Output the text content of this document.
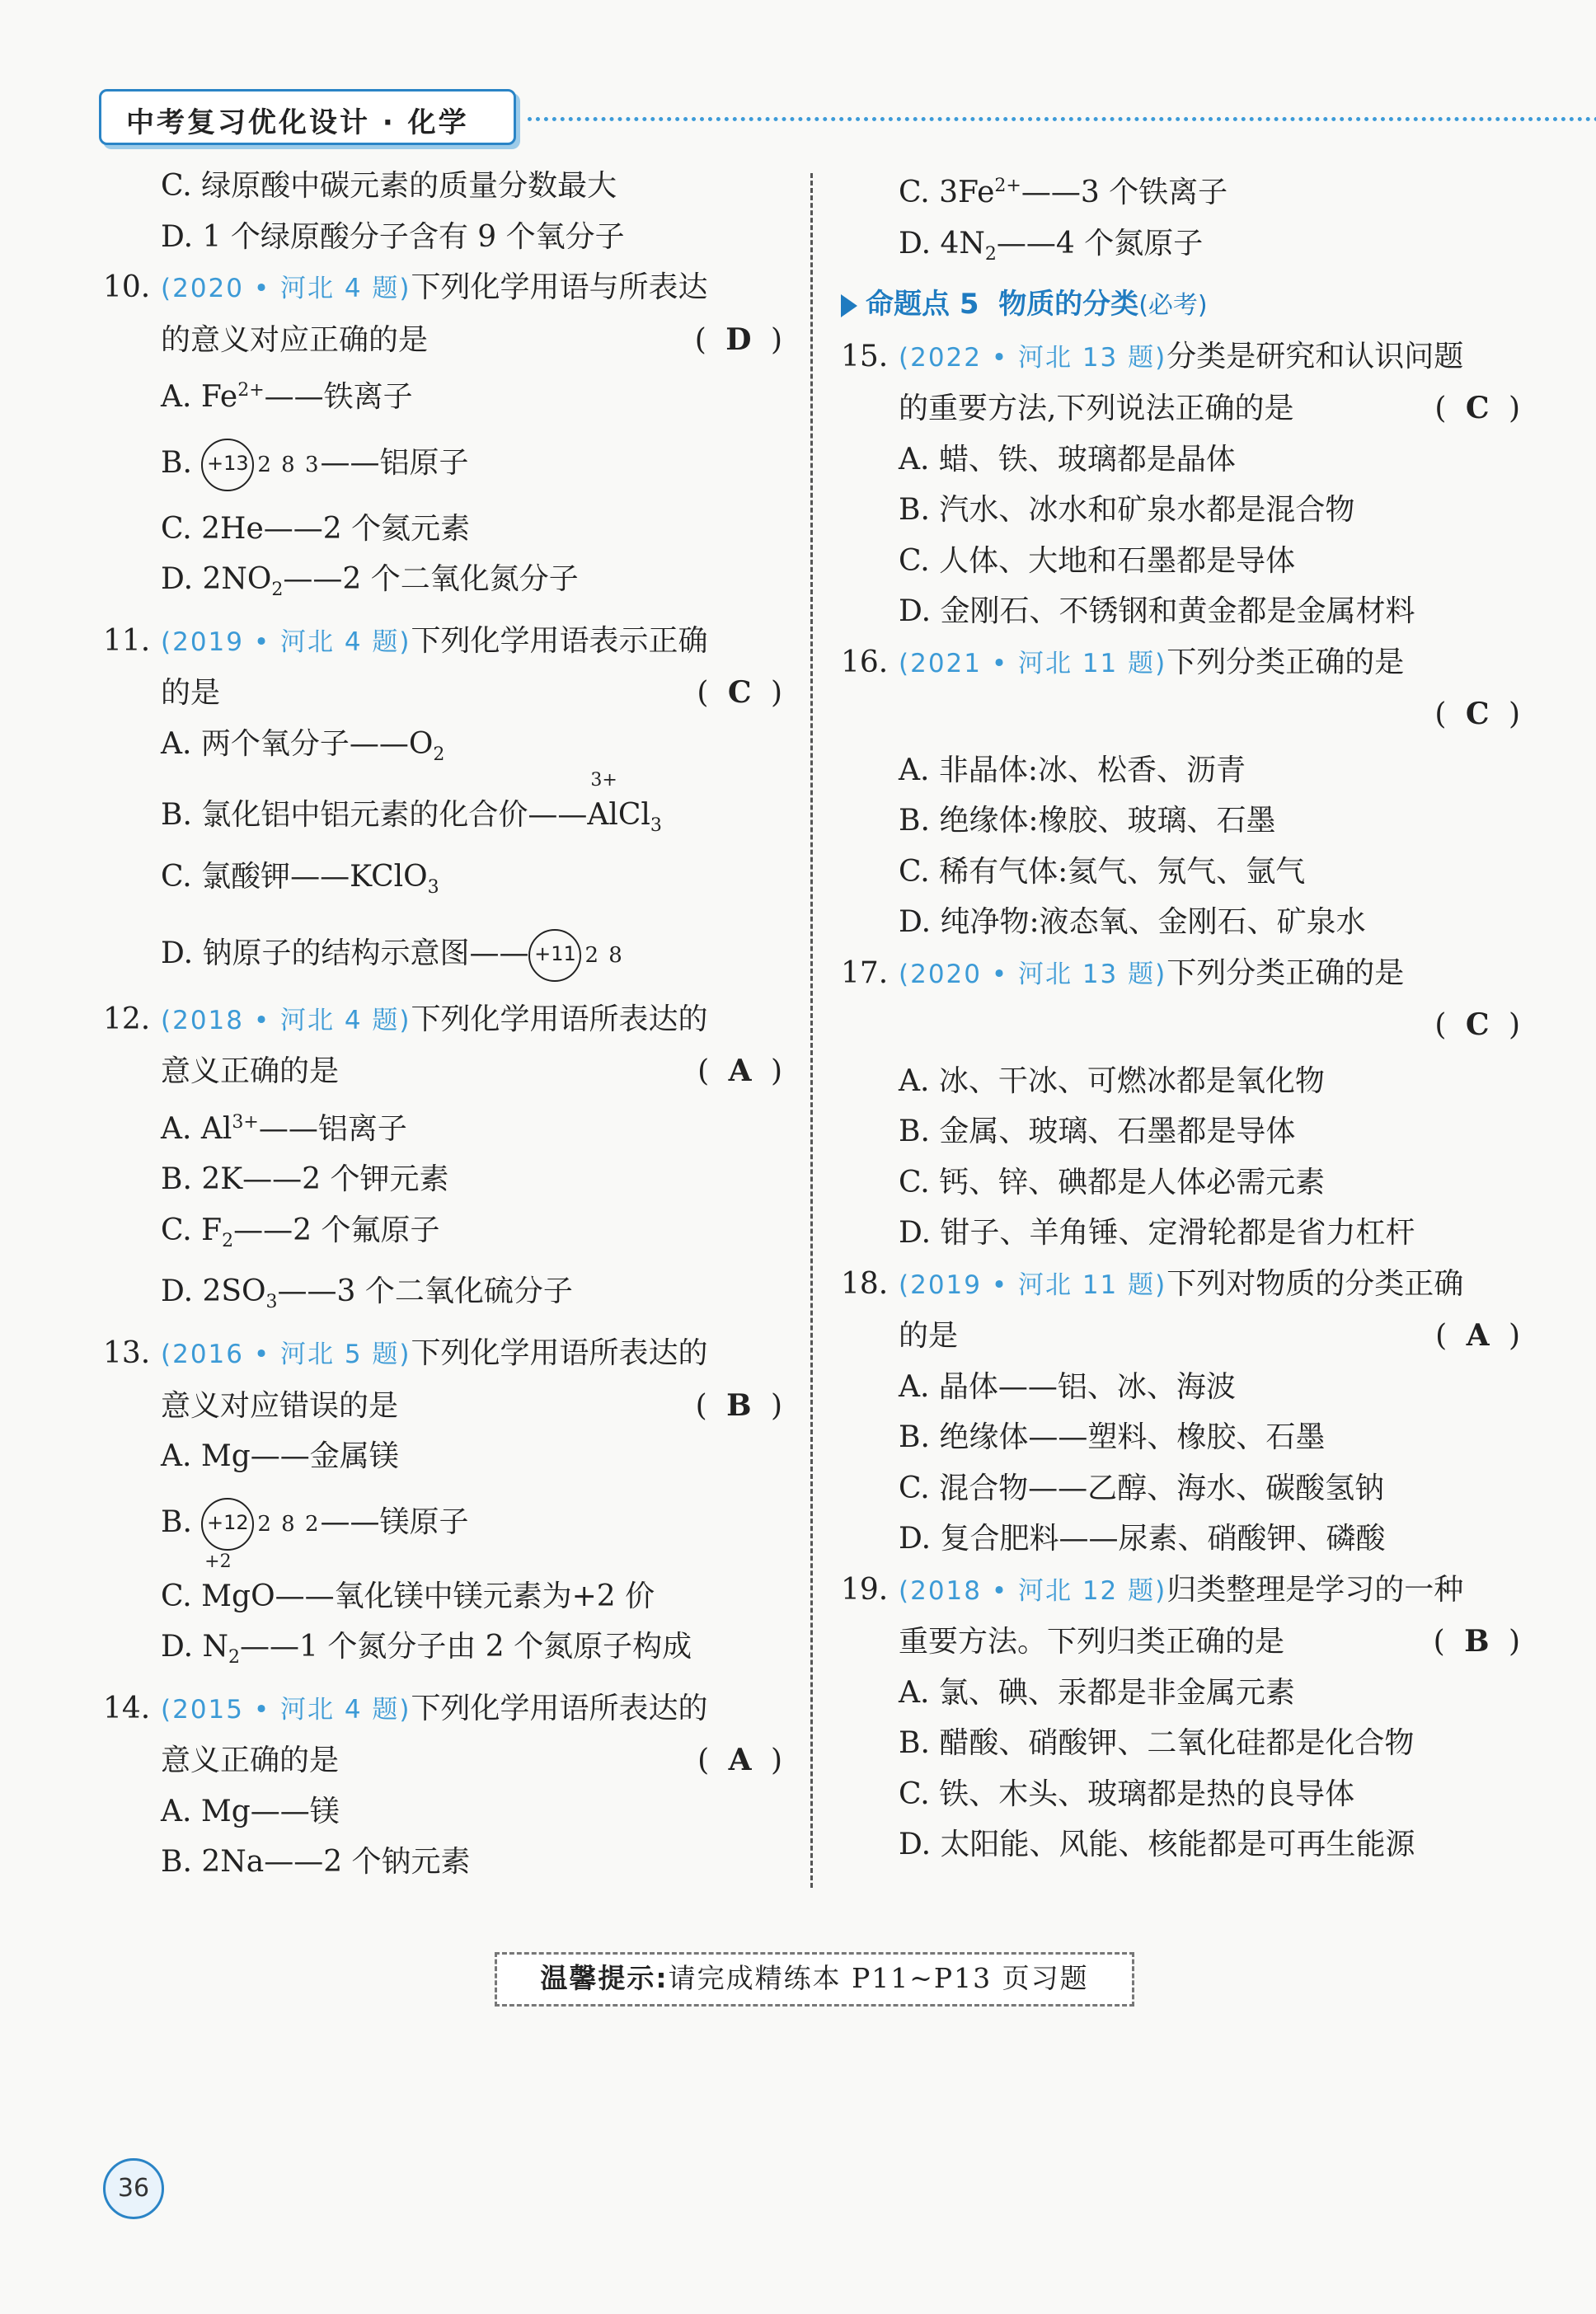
中考复习优化设计 · 化学
C. 绿原酸中碳元素的质量分数最大
D. 1 个绿原酸分子含有 9 个氧分子
10. (2020 • 河北 4 题)下列化学用语与所表达
的意义对应正确的是	( D )
A. $Fe^{2+}——$铁离子
B. +13 2 8 3——铝原子
C. 2He——2 个氦元素
D. $2NO_2——2$ 个二氧化氮分子
11. (2019 • 河北 4 题)下列化学用语表示正确
的是	( C )
A. 两个氧分子$——O_2$
B. 氯化铝中铝元素的化合价——
3+
AlCl$_3$
C. 氯酸钾——KClO$_3$
D. 钠原子的结构示意图—— +11 2 8
12. (2018 • 河北 4 题)下列化学用语所表达的
意义正确的是	( A )
A. $Al^{3+}——$铝离子
B. 2K——2 个钾元素
C. $F_2——2$ 个氟原子
D. $2SO_3——3$ 个二氧化硫分子
13. (2016 • 河北 5 题)下列化学用语所表达的
意义对应错误的是	( B )
A. Mg——金属镁
B. +12 2 8 2——镁原子
C.
+2
MgO——氧化镁中镁元素为+2 价
D. $N_2——1$ 个氮分子由 2 个氮原子构成
14. (2015 • 河北 4 题)下列化学用语所表达的
意义正确的是	( A )
A. Mg——镁
B. 2Na——2 个钠元素
C. $3Fe^{2+}——3$ 个铁离子
D. $4N_2——4$ 个氮原子
命题点 5 物质的分类(必考)
15. (2022 • 河北 13 题)分类是研究和认识问题
的重要方法,下列说法正确的是	( C )
A. 蜡、铁、玻璃都是晶体
B. 汽水、冰水和矿泉水都是混合物
C. 人体、大地和石墨都是导体
D. 金刚石、不锈钢和黄金都是金属材料
16. (2021 • 河北 11 题)下列分类正确的是

( C )
A. 非晶体:冰、松香、沥青
B. 绝缘体:橡胶、玻璃、石墨
C. 稀有气体:氦气、氖气、氩气
D. 纯净物:液态氧、金刚石、矿泉水
17. (2020 • 河北 13 题)下列分类正确的是

( C )
A. 冰、干冰、可燃冰都是氧化物
B. 金属、玻璃、石墨都是导体
C. 钙、锌、碘都是人体必需元素
D. 钳子、羊角锤、定滑轮都是省力杠杆
18. (2019 • 河北 11 题)下列对物质的分类正确
的是	( A )
A. 晶体——铝、冰、海波
B. 绝缘体——塑料、橡胶、石墨
C. 混合物——乙醇、海水、碳酸氢钠
D. 复合肥料——尿素、硝酸钾、磷酸
19. (2018 • 河北 12 题)归类整理是学习的一种
重要方法。下列归类正确的是	( B )
A. 氯、碘、汞都是非金属元素
B. 醋酸、硝酸钾、二氧化硅都是化合物
C. 铁、木头、玻璃都是热的良导体
D. 太阳能、风能、核能都是可再生能源
温馨提示:请完成精练本 P11~P13 页习题
36
